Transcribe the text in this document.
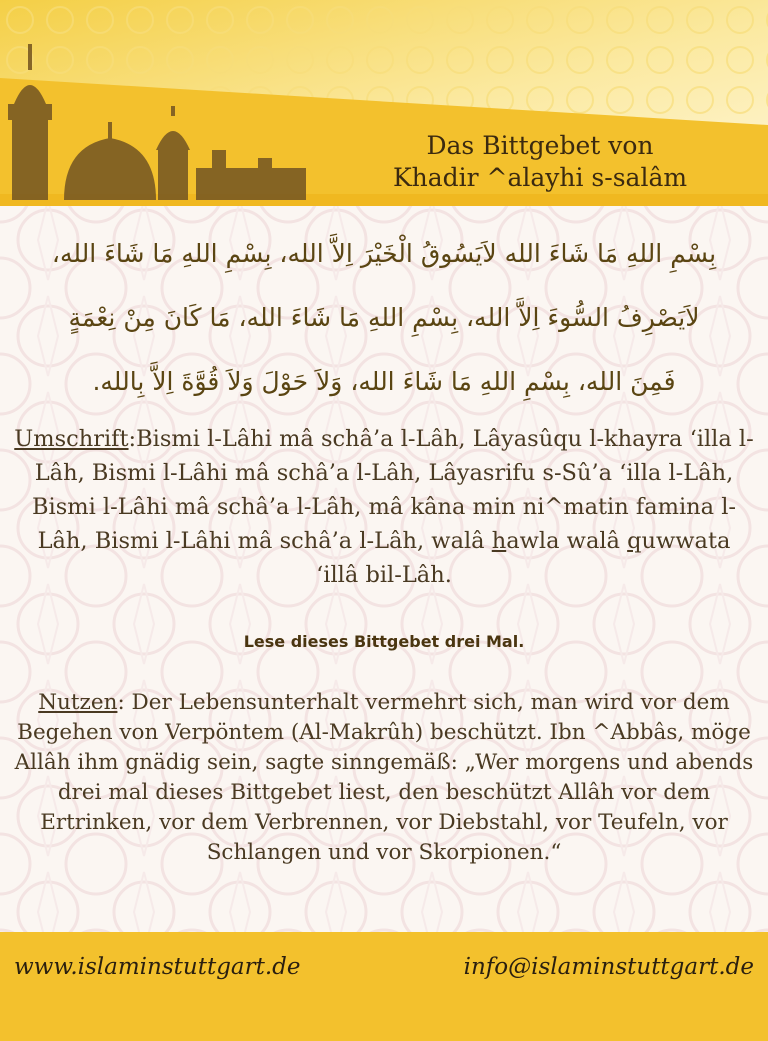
Das Bittgebet von
Khadir ^alayhi s-salâm
بِسْمِ اللهِ مَا شَاءَ الله لاَيَسُوقُ الْخَيْرَ اِلاَّ الله، بِسْمِ اللهِ مَا شَاءَ الله،
لاَيَصْرِفُ السُّوءَ اِلاَّ الله، بِسْمِ اللهِ مَا شَاءَ الله، مَا كَانَ مِنْ نِعْمَةٍ
فَمِنَ الله، بِسْمِ اللهِ مَا شَاءَ الله، وَلاَ حَوْلَ وَلاَ قُوَّةَ اِلاَّ بِالله.
Umschrift:Bismi l-Lâhi mâ schâ’a l-Lâh, Lâyasûqu l-khayra ‘illa l-Lâh, Bismi l-Lâhi mâ schâ’a l-Lâh, Lâyasrifu s-Sû’a ‘illa l-Lâh, Bismi l-Lâhi mâ schâ’a l-Lâh, mâ kâna min ni^matin famina l-Lâh, Bismi l-Lâhi mâ schâ’a l-Lâh, walâ hawla walâ quwwata ‘illâ bil-Lâh.
Lese dieses Bittgebet drei Mal.
Nutzen: Der Lebensunterhalt vermehrt sich, man wird vor dem Begehen von Verpöntem (Al-Makrûh) beschützt. Ibn ^Abbâs, möge Allâh ihm gnädig sein, sagte sinngemäß: „Wer morgens und abends drei mal dieses Bittgebet liest, den beschützt Allâh vor dem Ertrinken, vor dem Verbrennen, vor Diebstahl, vor Teufeln, vor Schlangen und vor Skorpionen.“
www.islaminstuttgart.de	info@islaminstuttgart.de
